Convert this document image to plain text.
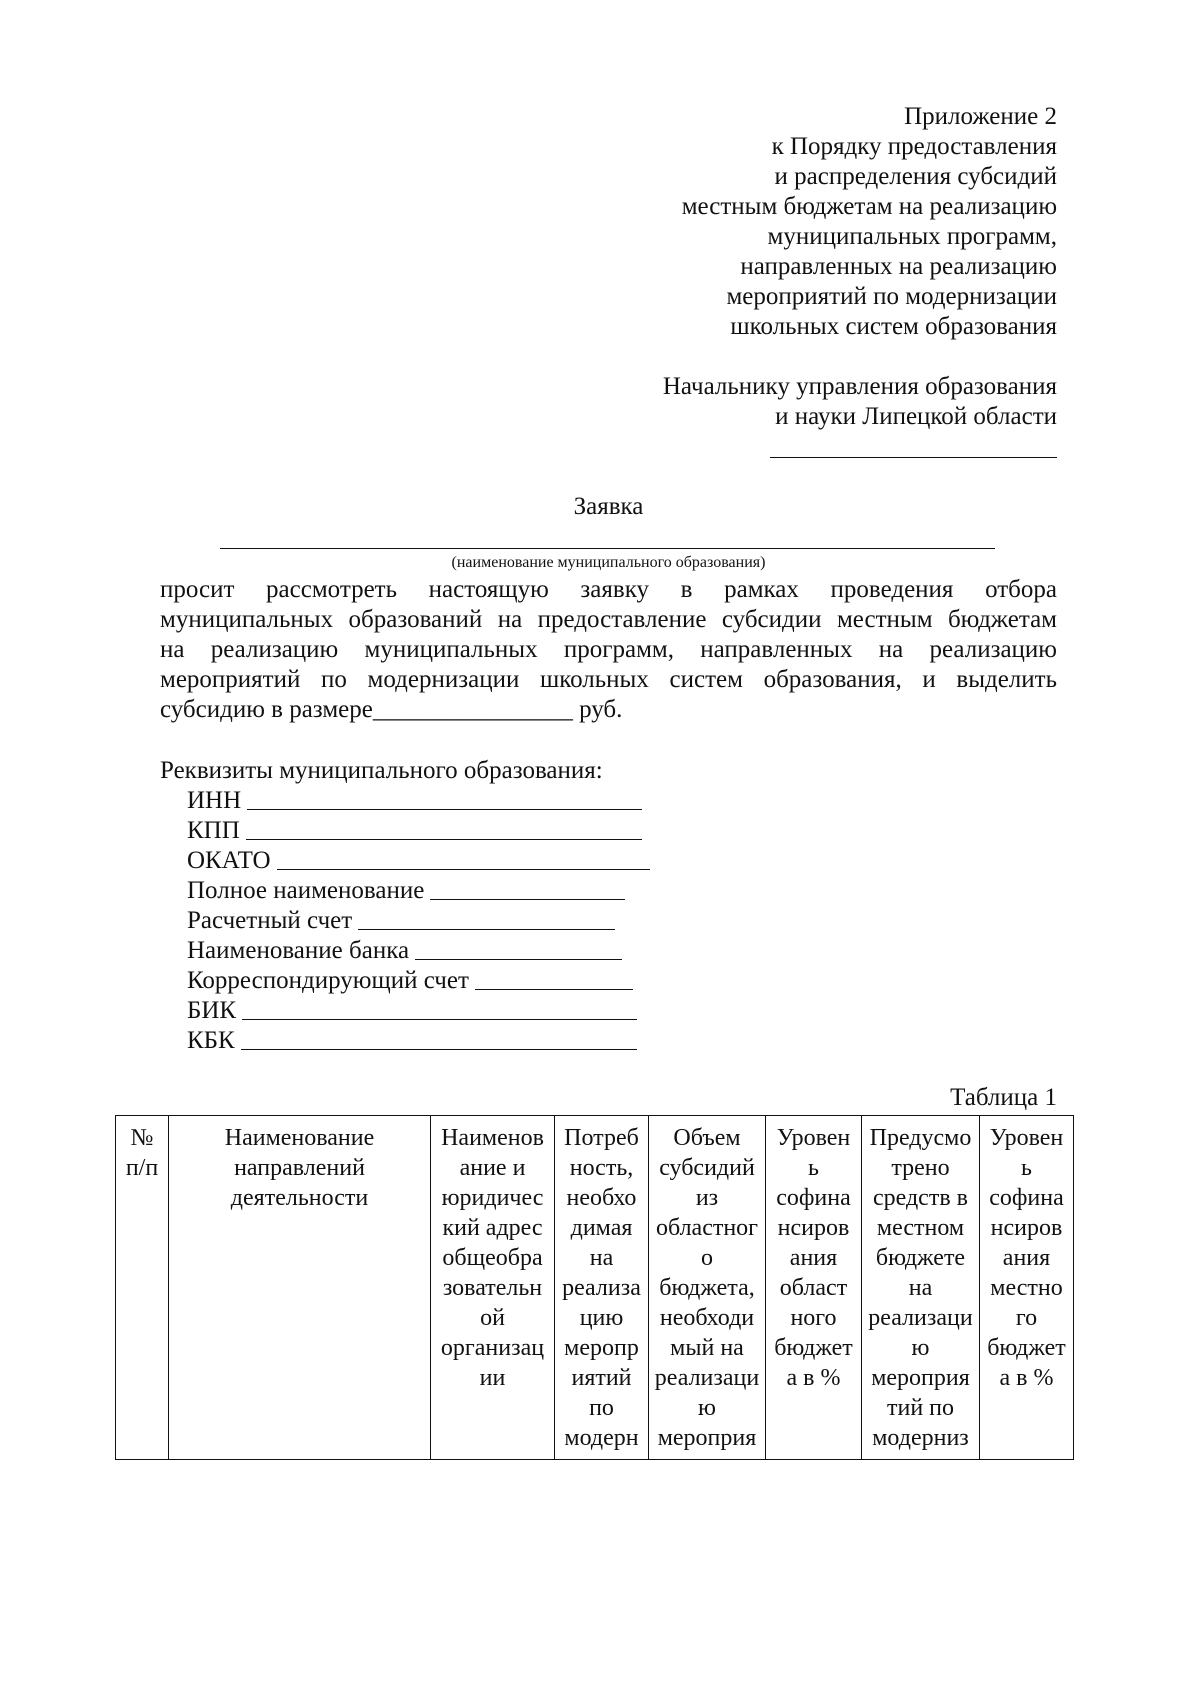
Приложение 2
к Порядку предоставления
и распределения субсидий
местным бюджетам на реализацию
муниципальных программ,
направленных на реализацию
мероприятий по модернизации
школьных систем образования
Начальнику управления образования
и науки Липецкой области
Заявка
(наименование муниципального образования)
просит рассмотреть настоящую заявку в рамках проведения отбора
муниципальных образований на предоставление субсидии местным бюджетам
на реализацию муниципальных программ, направленных на реализацию
мероприятий по модернизации школьных систем образования, и выделить
субсидию в размере________________ руб.
Реквизиты муниципального образования:
ИНН
КПП
ОКАТО
Полное наименование
Расчетный счет
Наименование банка
Корреспондирующий счет
БИК
КБК
Таблица 1
№
п/п

Наименование
направлений
деятельности

Наименов
ание и
юридичес
кий адрес
общеобра
зовательн
ой
организац
ии

Потреб
ность,
необхо
димая
на
реализа
цию
меропр
иятий
по
модерн

Объем
субсидий
из
областног
о
бюджета,
необходи
мый на
реализаци
ю
мероприя

Уровен
ь
софина
нсиров
ания
област
ного
бюджет
а в %

Предусмо
трено
средств в
местном
бюджете
на
реализаци
ю
мероприя
тий по
модерниз

Уровен
ь
софина
нсиров
ания
местно
го
бюджет
а в %
